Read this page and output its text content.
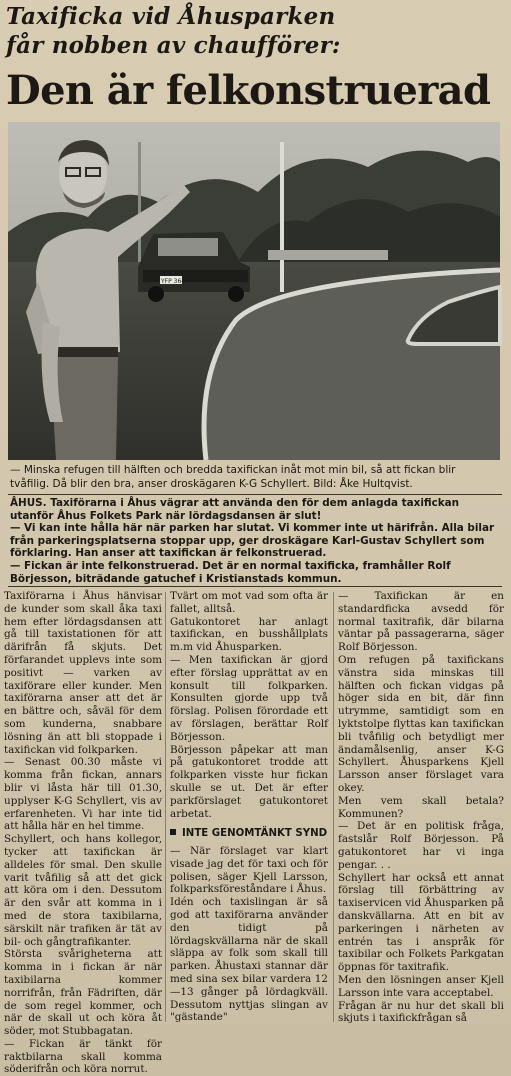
Taxificka vid Åhusparken
får nobben av chaufförer:
Den är felkonstruerad
YFP 364
— Minska refugen till hälften och bredda taxifickan inåt mot min bil, så att fickan blir tvåfilig. Då blir den bra, anser droskägaren K-G Schyllert. Bild: Åke Hultqvist.

ÅHUS. Taxiförarna i Åhus vägrar att använda den för dem anlagda taxifickan utanför Åhus Folkets Park när lördagsdansen är slut!

— Vi kan inte hålla här när parken har slutat. Vi kommer inte ut härifrån. Alla bilar från parkeringsplatserna stoppar upp, ger droskägare Karl-Gustav Schyllert som förklaring. Han anser att taxifickan är felkonstruerad.

— Fickan är inte felkonstruerad. Det är en normal taxificka, framhåller Rolf Börjesson, biträdande gatuchef i Kristianstads kommun.

Taxiförarna i Åhus hänvisar de kunder som skall åka taxi hem efter lördagsdansen att gå till taxistationen för att därifrån få skjuts. Det förfarandet upplevs inte som positivt — varken av taxiförare eller kunder. Men taxiförarna anser att det är en bättre och, såväl för dem som kunderna, snabbare lösning än att bli stoppade i taxifickan vid folkparken.

— Senast 00.30 måste vi komma från fickan, annars blir vi låsta här till 01.30, upplyser K-G Schyllert, vis av erfarenheten. Vi har inte tid att hålla här en hel timme.

Schyllert, och hans kollegor, tycker att taxifickan är alldeles för smal. Den skulle varit tvåfilig så att det gick att köra om i den. Dessutom är den svår att komma in i med de stora taxibilarna, särskilt när trafiken är tät av bil- och gångtrafikanter.

Största svårigheterna att komma in i fickan är när taxibilarna kommer norrifrån, från Fädriften, där de som regel kommer, och när de skall ut och köra åt söder, mot Stubbagatan.

— Fickan är tänkt för raktbilarna skall komma söderifrån och köra norrut.

Tvärt om mot vad som ofta är fallet, alltså.

Gatukontoret har anlagt taxifickan, en busshållplats m.m vid Åhusparken.

— Men taxifickan är gjord efter förslag upprättat av en konsult till folkparken. Konsulten gjorde upp två förslag. Polisen förordade ett av förslagen, berättar Rolf Börjesson.

Börjesson påpekar att man på gatukontoret trodde att folkparken visste hur fickan skulle se ut. Det är efter parkförslaget gatukontoret arbetat.

INTE GENOMTÄNKT SYND

— När förslaget var klart visade jag det för taxi och för polisen, säger Kjell Larsson, folkparksföreståndare i Åhus.

Idén och taxislingan är så god att taxiförarna använder den tidigt på lördagskvällarna när de skall släppa av folk som skall till parken. Åhustaxi stannar där med sina sex bilar vardera 12—13 gånger på lördagkväll. Dessutom nyttjas slingan av "gästande"

— Taxifickan är en standardficka avsedd för normal taxitrafik, där bilarna väntar på passagerarna, säger Rolf Börjesson.

Om refugen på taxifickans vänstra sida minskas till hälften och fickan vidgas på höger sida en bit, där finn utrymme, samtidigt som en lyktstolpe flyttas kan taxifickan bli tvåfilig och betydligt mer ändamålsenlig, anser K-G Schyllert. Åhusparkens Kjell Larsson anser förslaget vara okey.

Men vem skall betala? Kommunen?

— Det är en politisk fråga, fastslår Rolf Börjesson. På gatukontoret har vi inga pengar. . .

Schyllert har också ett annat förslag till förbättring av taxiservicen vid Åhusparken på danskvällarna. Att en bit av parkeringen i närheten av entrén tas i anspråk för taxibilar och Folkets Parkgatan öppnas för taxitrafik.

Men den lösningen anser Kjell Larsson inte vara acceptabel.

Frågan är nu hur det skall bli skjuts i taxifickfrågan så
